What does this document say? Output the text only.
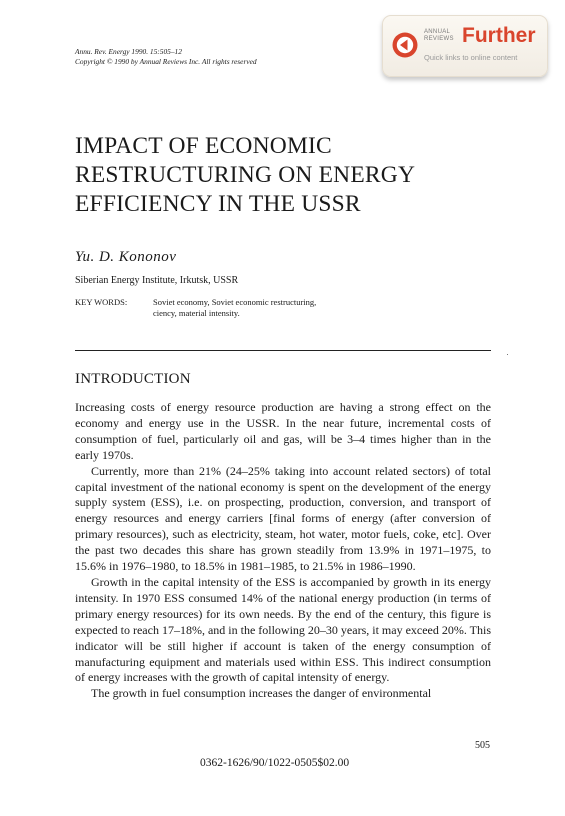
Annu. Rev. Energy 1990. 15:505–12
Copyright © 1990 by Annual Reviews Inc. All rights reserved
ANNUAL
REVIEWS Further
Quick links to online content
IMPACT OF ECONOMIC
RESTRUCTURING ON ENERGY
EFFICIENCY IN THE USSR
Yu. D. Kononov
Siberian Energy Institute, Irkutsk, USSR
KEY WORDS:	Soviet economy, Soviet economic restructuring,
ciency, material intensity.
INTRODUCTION

Increasing costs of energy resource production are having a strong effect on the economy and energy use in the USSR. In the near future, incremental costs of consumption of fuel, particularly oil and gas, will be 3–4 times higher than in the early 1970s.

Currently, more than 21% (24–25% taking into account related sectors) of total capital investment of the national economy is spent on the development of the energy supply system (ESS), i.e. on prospecting, production, conversion, and transport of energy resources and energy carriers [final forms of energy (after conversion of primary resources), such as electricity, steam, hot water, motor fuels, coke, etc]. Over the past two decades this share has grown steadily from 13.9% in 1971–1975, to 15.6% in 1976–1980, to 18.5% in 1981–1985, to 21.5% in 1986–1990.

Growth in the capital intensity of the ESS is accompanied by growth in its energy intensity. In 1970 ESS consumed 14% of the national energy production (in terms of primary energy resources) for its own needs. By the end of the century, this figure is expected to reach 17–18%, and in the following 20–30 years, it may exceed 20%. This indicator will be still higher if account is taken of the energy consumption of manufacturing equipment and materials used within ESS. This indirect consumption of energy increases with the growth of capital intensity of energy.

The growth in fuel consumption increases the danger of environmental

505
0362-1626/90/1022-0505$02.00
